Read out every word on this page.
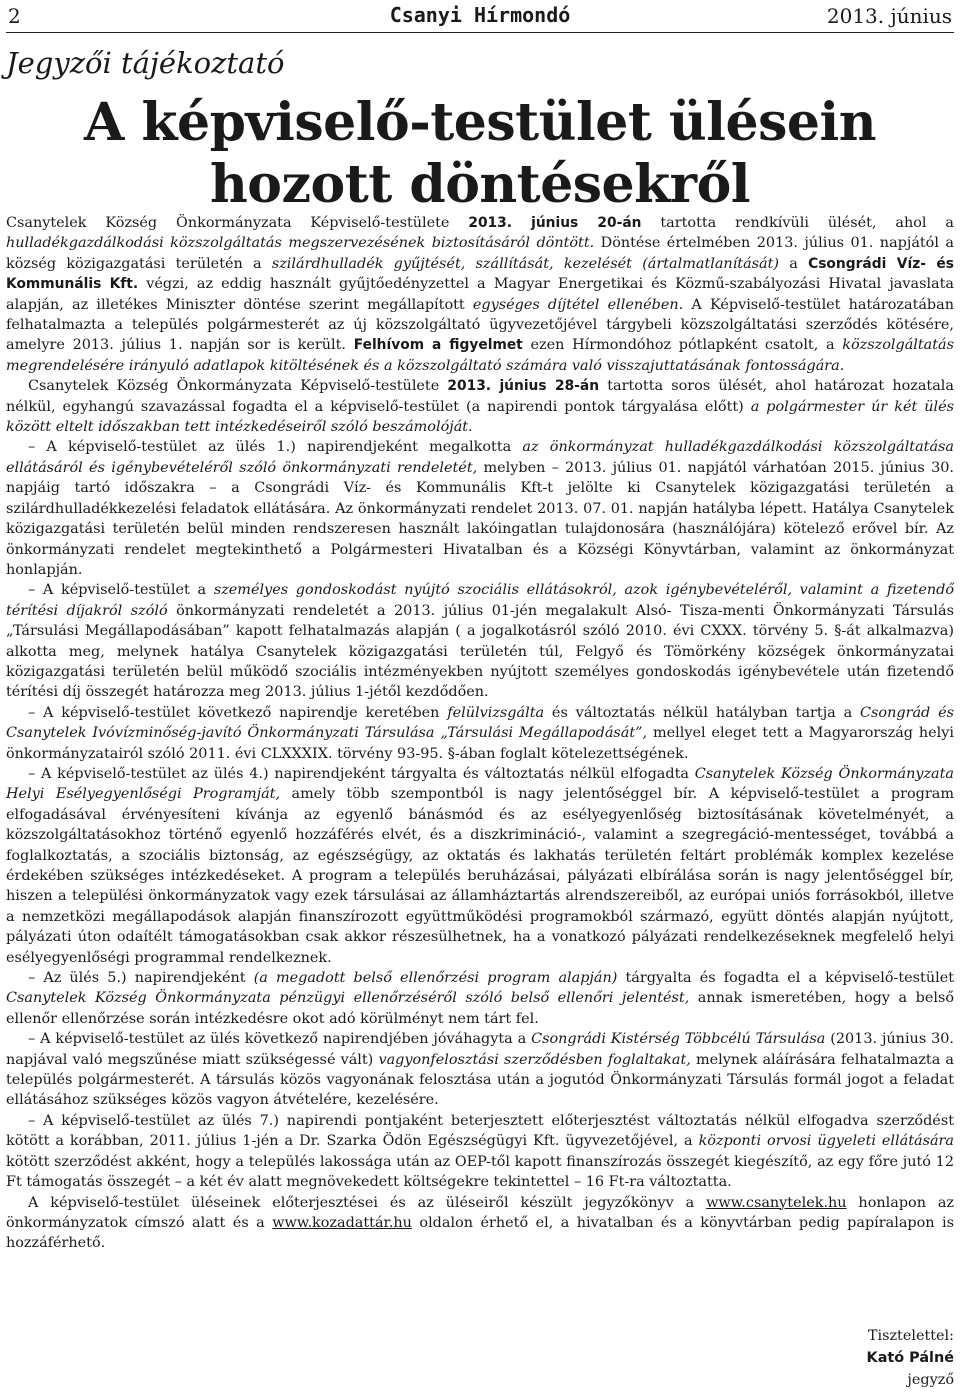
2	Csanyi Hírmondó	2013. június
Jegyzői tájékoztató
A képviselő-testület ülésein
hozott döntésekről

Csanytelek Község Önkormányzata Képviselő-testülete 2013. június 20-án tartotta rendkívüli ülését, ahol a hulladékgazdálkodási közszolgáltatás megszervezésének biztosításáról döntött. Döntése értelmében 2013. július 01. napjától a község közigazgatási területén a szilárdhulladék gyűjtését, szállítását, kezelését (ártalmatlanítását) a Csongrádi Víz- és Kommunális Kft. végzi, az eddig használt gyűjtőedényzettel a Magyar Energetikai és Közmű-szabályozási Hivatal javaslata alapján, az illetékes Miniszter döntése szerint megállapított egységes díjtétel ellenében. A Képviselő-testület határozatában felhatalmazta a település polgármesterét az új közszolgáltató ügyvezetőjével tárgybeli közszolgáltatási szerződés kötésére, amelyre 2013. július 1. napján sor is került. Felhívom a figyelmet ezen Hírmondóhoz pótlapként csatolt, a közszolgáltatás megrendelésére irányuló adatlapok kitöltésének és a közszolgáltató számára való visszajuttatásának fontosságára.

Csanytelek Község Önkormányzata Képviselő-testülete 2013. június 28-án tartotta soros ülését, ahol határozat hozatala nélkül, egyhangú szavazással fogadta el a képviselő-testület (a napirendi pontok tárgyalása előtt) a polgármester úr két ülés között eltelt időszakban tett intézkedéseiről szóló beszámolóját.

– A képviselő-testület az ülés 1.) napirendjeként megalkotta az önkormányzat hulladékgazdálkodási közszolgáltatása ellátásáról és igénybevételéről szóló önkormányzati rendeletét, melyben – 2013. július 01. napjától várhatóan 2015. június 30. napjáig tartó időszakra – a Csongrádi Víz- és Kommunális Kft-t jelölte ki Csanytelek közigazgatási területén a szilárdhulladékkezelési feladatok ellátására. Az önkormányzati rendelet 2013. 07. 01. napján hatályba lépett. Hatálya Csanytelek közigazgatási területén belül minden rendszeresen használt lakóingatlan tulajdonosára (használójára) kötelező erővel bír. Az önkormányzati rendelet megtekinthető a Polgármesteri Hivatalban és a Községi Könyvtárban, valamint az önkormányzat honlapján.

– A képviselő-testület a személyes gondoskodást nyújtó szociális ellátásokról, azok igénybevételéről, valamint a fizetendő térítési díjakról szóló önkormányzati rendeletét a 2013. július 01-jén megalakult Alsó- Tisza-menti Önkormányzati Társulás „Társulási Megállapodásában” kapott felhatalmazás alapján ( a jogalkotásról szóló 2010. évi CXXX. törvény 5. §-át alkalmazva) alkotta meg, melynek hatálya Csanytelek közigazgatási területén túl, Felgyő és Tömörkény községek önkormányzatai közigazgatási területén belül működő szociális intézményekben nyújtott személyes gondoskodás igénybevétele után fizetendő térítési díj összegét határozza meg 2013. július 1-jétől kezdődően.

– A képviselő-testület következő napirendje keretében felülvizsgálta és változtatás nélkül hatályban tartja a Csongrád és Csanytelek Ivóvízminőség-javító Önkormányzati Társulása „Társulási Megállapodását”, mellyel eleget tett a Magyarország helyi önkormányzatairól szóló 2011. évi CLXXXIX. törvény 93-95. §-ában foglalt kötelezettségének.

– A képviselő-testület az ülés 4.) napirendjeként tárgyalta és változtatás nélkül elfogadta Csanytelek Község Önkormányzata Helyi Esélyegyenlőségi Programját, amely több szempontból is nagy jelentőséggel bír. A képviselő-testület a program elfogadásával érvényesíteni kívánja az egyenlő bánásmód és az esélyegyenlőség biztosításának követelményét, a közszolgáltatásokhoz történő egyenlő hozzáférés elvét, és a diszkrimináció-, valamint a szegregáció-mentességet, továbbá a foglalkoztatás, a szociális biztonság, az egészségügy, az oktatás és lakhatás területén feltárt problémák komplex kezelése érdekében szükséges intézkedéseket. A program a település beruházásai, pályázati elbírálása során is nagy jelentőséggel bír, hiszen a települési önkormányzatok vagy ezek társulásai az államháztartás alrendszereiből, az európai uniós forrásokból, illetve a nemzetközi megállapodások alapján finanszírozott együttműködési programokból származó, együtt döntés alapján nyújtott, pályázati úton odaítélt támogatásokban csak akkor részesülhetnek, ha a vonatkozó pályázati rendelkezéseknek megfelelő helyi esélyegyenlőségi programmal rendelkeznek.

– Az ülés 5.) napirendjeként (a megadott belső ellenőrzési program alapján) tárgyalta és fogadta el a képviselő-testület Csanytelek Község Önkormányzata pénzügyi ellenőrzéséről szóló belső ellenőri jelentést, annak ismeretében, hogy a belső ellenőr ellenőrzése során intézkedésre okot adó körülményt nem tárt fel.

– A képviselő-testület az ülés következő napirendjében jóváhagyta a Csongrádi Kistérség Többcélú Társulása (2013. június 30. napjával való megszűnése miatt szükségessé vált) vagyonfelosztási szerződésben foglaltakat, melynek aláírására felhatalmazta a település polgármesterét. A társulás közös vagyonának felosztása után a jogutód Önkormányzati Társulás formál jogot a feladat ellátásához szükséges közös vagyon átvételére, kezelésére.

– A képviselő-testület az ülés 7.) napirendi pontjaként beterjesztett előterjesztést változtatás nélkül elfogadva szerződést kötött a korábban, 2011. július 1-jén a Dr. Szarka Ödön Egészségügyi Kft. ügyvezetőjével, a központi orvosi ügyeleti ellátására kötött szerződést akként, hogy a település lakossága után az OEP-től kapott finanszírozás összegét kiegészítő, az egy főre jutó 12 Ft támogatás összegét – a két év alatt megnövekedett költségekre tekintettel – 16 Ft-ra változtatta.

A képviselő-testület üléseinek előterjesztései és az üléseiről készült jegyzőkönyv a www.csanytelek.hu honlapon az önkormányzatok címszó alatt és a www.kozadattár.hu oldalon érhető el, a hivatalban és a könyvtárban pedig papíralapon is hozzáférhető.

Tisztelettel:
Kató Pálné
jegyző
